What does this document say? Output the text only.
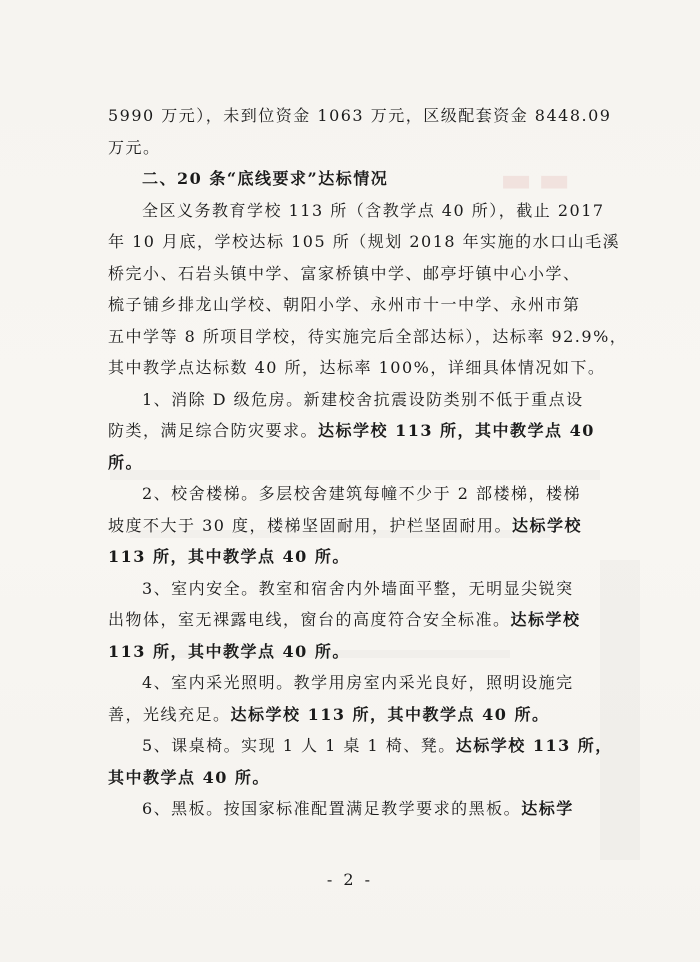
▬▬
5990 万元），未到位资金 1063 万元，区级配套资金 8448.09
万元。
二、20 条“底线要求”达标情况
全区义务教育学校 113 所（含教学点 40 所），截止 2017
年 10 月底，学校达标 105 所（规划 2018 年实施的水口山毛溪
桥完小、石岩头镇中学、富家桥镇中学、邮亭圩镇中心小学、
梳子铺乡排龙山学校、朝阳小学、永州市十一中学、永州市第
五中学等 8 所项目学校，待实施完后全部达标），达标率 92.9%，
其中教学点达标数 40 所，达标率 100%，详细具体情况如下。
1、消除 D 级危房。新建校舍抗震设防类别不低于重点设
防类，满足综合防灾要求。达标学校 113 所，其中教学点 40
所。
2、校舍楼梯。多层校舍建筑每幢不少于 2 部楼梯，楼梯
坡度不大于 30 度，楼梯坚固耐用，护栏坚固耐用。达标学校
113 所，其中教学点 40 所。
3、室内安全。教室和宿舍内外墙面平整，无明显尖锐突
出物体，室无裸露电线，窗台的高度符合安全标准。达标学校
113 所，其中教学点 40 所。
4、室内采光照明。教学用房室内采光良好，照明设施完
善，光线充足。达标学校 113 所，其中教学点 40 所。
5、课桌椅。实现 1 人 1 桌 1 椅、凳。达标学校 113 所，
其中教学点 40 所。
6、黑板。按国家标准配置满足教学要求的黑板。达标学
- 2 -
